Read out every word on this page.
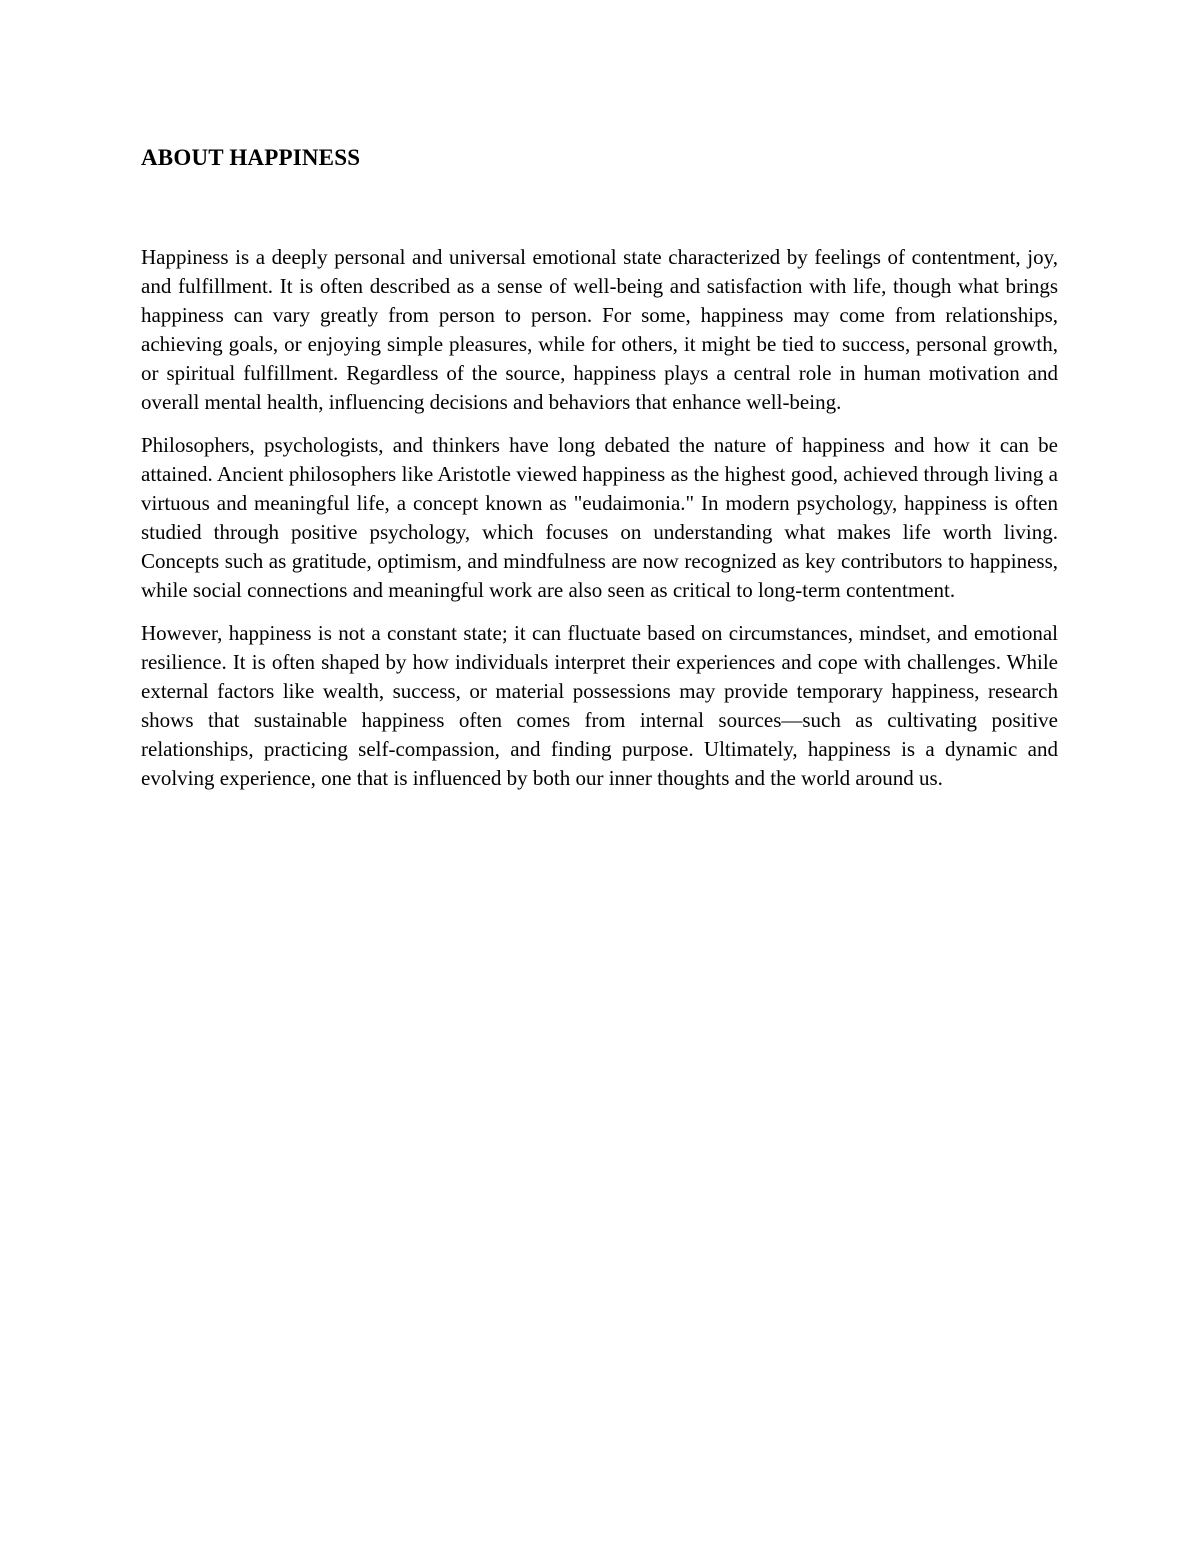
ABOUT HAPPINESS

Happiness is a deeply personal and universal emotional state characterized by feelings of contentment, joy, and fulfillment. It is often described as a sense of well-being and satisfaction with life, though what brings happiness can vary greatly from person to person. For some, happiness may come from relationships, achieving goals, or enjoying simple pleasures, while for others, it might be tied to success, personal growth, or spiritual fulfillment. Regardless of the source, happiness plays a central role in human motivation and overall mental health, influencing decisions and behaviors that enhance well-being.

Philosophers, psychologists, and thinkers have long debated the nature of happiness and how it can be attained. Ancient philosophers like Aristotle viewed happiness as the highest good, achieved through living a virtuous and meaningful life, a concept known as "eudaimonia." In modern psychology, happiness is often studied through positive psychology, which focuses on understanding what makes life worth living. Concepts such as gratitude, optimism, and mindfulness are now recognized as key contributors to happiness, while social connections and meaningful work are also seen as critical to long-term contentment.

However, happiness is not a constant state; it can fluctuate based on circumstances, mindset, and emotional resilience. It is often shaped by how individuals interpret their experiences and cope with challenges. While external factors like wealth, success, or material possessions may provide temporary happiness, research shows that sustainable happiness often comes from internal sources—such as cultivating positive relationships, practicing self-compassion, and finding purpose. Ultimately, happiness is a dynamic and evolving experience, one that is influenced by both our inner thoughts and the world around us.
